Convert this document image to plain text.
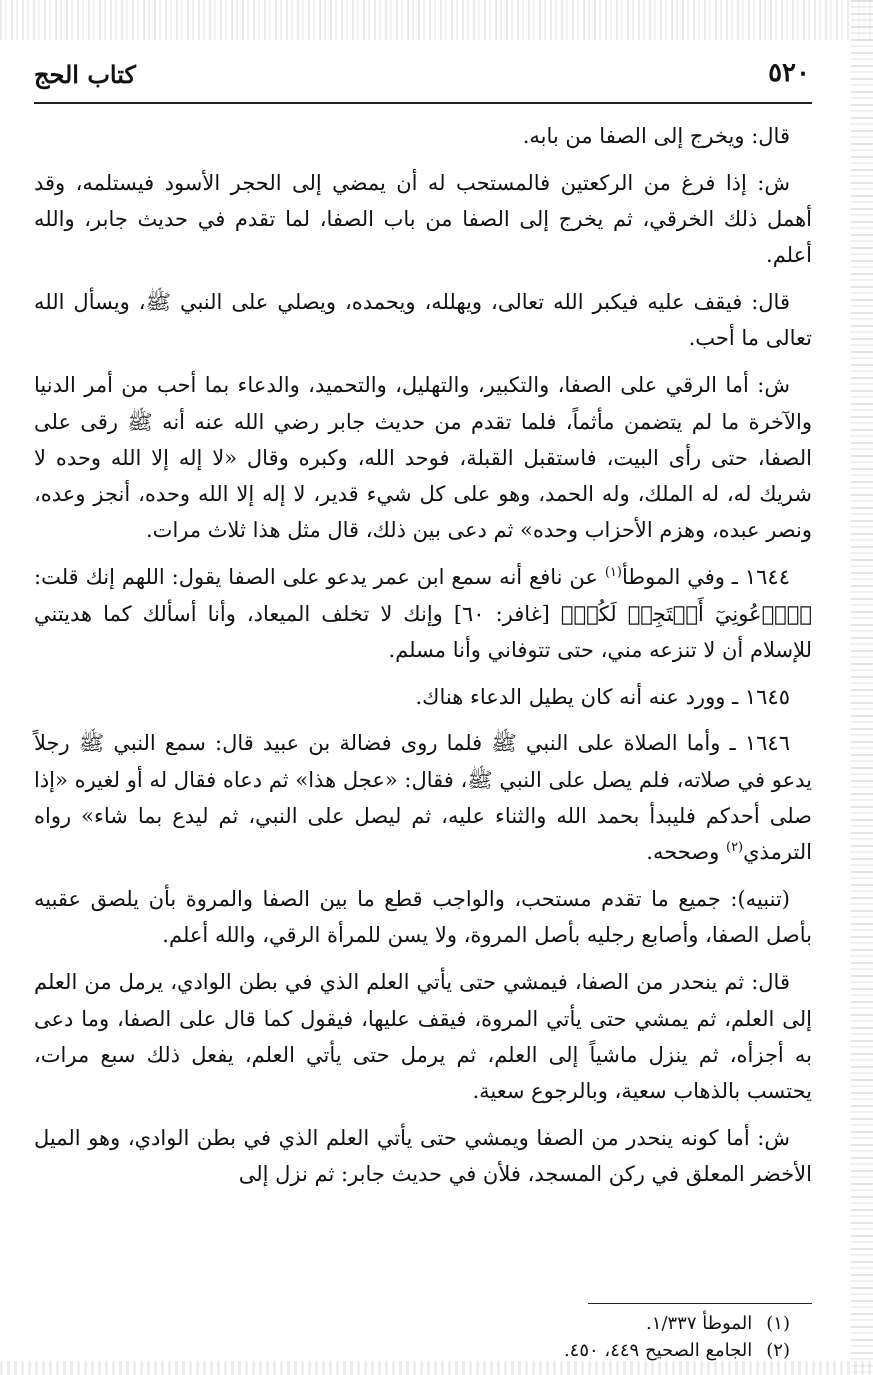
٥٢٠
كتاب الحج

قال: ويخرج إلى الصفا من بابه.

ش: إذا فرغ من الركعتين فالمستحب له أن يمضي إلى الحجر الأسود فيستلمه، وقد أهمل ذلك الخرقي، ثم يخرج إلى الصفا من باب الصفا، لما تقدم في حديث جابر، والله أعلم.

قال: فيقف عليه فيكبر الله تعالى، ويهلله، ويحمده، ويصلي على النبي ﷺ، ويسأل الله تعالى ما أحب.

ش: أما الرقي على الصفا، والتكبير، والتهليل، والتحميد، والدعاء بما أحب من أمر الدنيا والآخرة ما لم يتضمن مأثماً، فلما تقدم من حديث جابر رضي الله عنه أنه ﷺ رقى على الصفا، حتى رأى البيت، فاستقبل القبلة، فوحد الله، وكبره وقال «لا إله إلا الله وحده لا شريك له، له الملك، وله الحمد، وهو على كل شيء قدير، لا إله إلا الله وحده، أنجز وعده، ونصر عبده، وهزم الأحزاب وحده» ثم دعى بين ذلك، قال مثل هذا ثلاث مرات.

١٦٤٤ ـ وفي الموطأ$^{(١)}$ عن نافع أنه سمع ابن عمر يدعو على الصفا يقول: اللهم إنك قلت: ﴿ٱدۡعُونِيٓ أَسۡتَجِبۡ لَكُمۡ﴾ [غافر: ٦٠] وإنك لا تخلف الميعاد، وأنا أسألك كما هديتني للإسلام أن لا تنزعه مني، حتى تتوفاني وأنا مسلم.

١٦٤٥ ـ وورد عنه أنه كان يطيل الدعاء هناك.

١٦٤٦ ـ وأما الصلاة على النبي ﷺ فلما روى فضالة بن عبيد قال: سمع النبي ﷺ رجلاً يدعو في صلاته، فلم يصل على النبي ﷺ، فقال: «عجل هذا» ثم دعاه فقال له أو لغيره «إذا صلى أحدكم فليبدأ بحمد الله والثناء عليه، ثم ليصل على النبي، ثم ليدع بما شاء» رواه الترمذي$^{(٢)}$ وصححه.

(تنبيه): جميع ما تقدم مستحب، والواجب قطع ما بين الصفا والمروة بأن يلصق عقبيه بأصل الصفا، وأصابع رجليه بأصل المروة، ولا يسن للمرأة الرقي، والله أعلم.

قال: ثم ينحدر من الصفا، فيمشي حتى يأتي العلم الذي في بطن الوادي، يرمل من العلم إلى العلم، ثم يمشي حتى يأتي المروة، فيقف عليها، فيقول كما قال على الصفا، وما دعى به أجزأه، ثم ينزل ماشياً إلى العلم، ثم يرمل حتى يأتي العلم، يفعل ذلك سبع مرات، يحتسب بالذهاب سعية، وبالرجوع سعية.

ش: أما كونه ينحدر من الصفا ويمشي حتى يأتي العلم الذي في بطن الوادي، وهو الميل الأخضر المعلق في ركن المسجد، فلأن في حديث جابر: ثم نزل إلى

(١)الموطأ ١/٣٣٧.
(٢)الجامع الصحيح ٤٤٩، ٤٥٠.
